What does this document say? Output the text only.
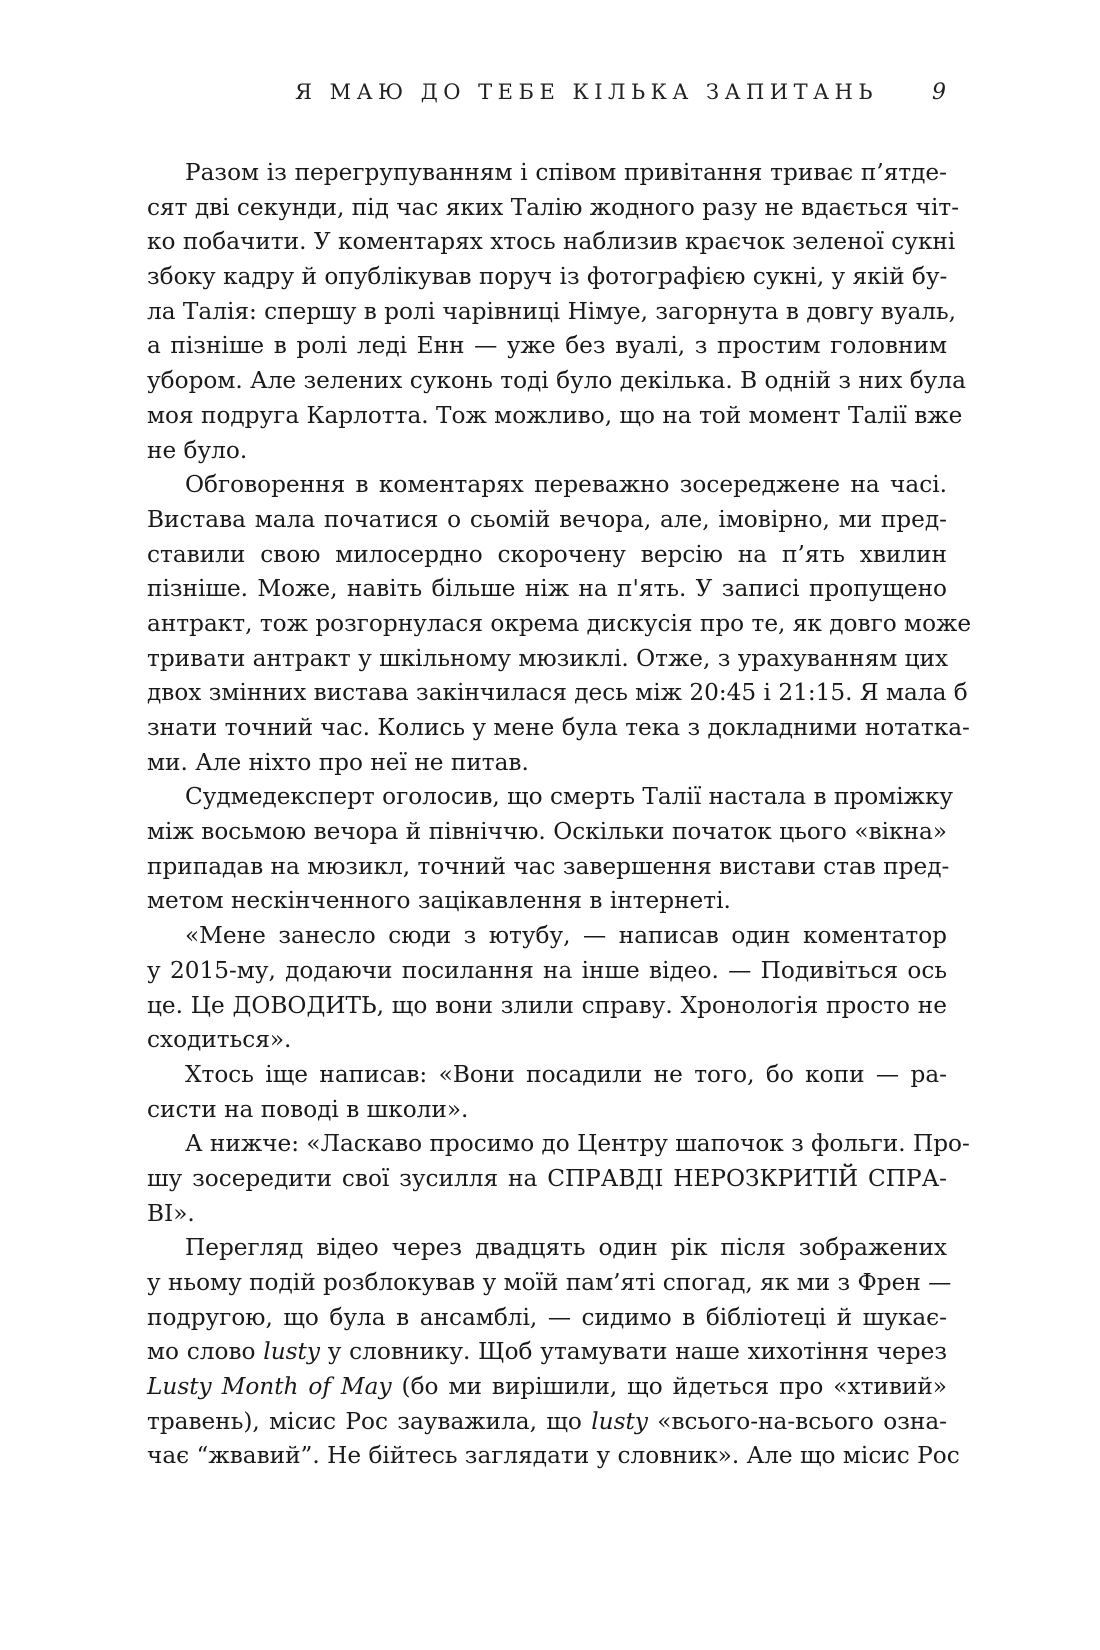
Я МАЮ ДО ТЕБЕ КІЛЬКА ЗАПИТАНЬ 9
Разом із перегрупуванням і співом привітання триває п’ятде-
сят дві секунди, під час яких Талію жодного разу не вдається чіт-
ко побачити. У коментарях хтось наблизив краєчок зеленої сукні
збоку кадру й опублікував поруч із фотографією сукні, у якій бу-
ла Талія: спершу в ролі чарівниці Німуе, загорнута в довгу вуаль,
а пізніше в ролі леді Енн — уже без вуалі, з простим головним
убором. Але зелених суконь тоді було декілька. В одній з них була
моя подруга Карлотта. Тож можливо, що на той момент Талії вже
не було.
Обговорення в коментарях переважно зосереджене на часі.
Вистава мала початися о сьомій вечора, але, імовірно, ми пред-
ставили свою милосердно скорочену версію на п’ять хвилин
пізніше. Може, навіть більше ніж на п'ять. У записі пропущено
антракт, тож розгорнулася окрема дискусія про те, як довго може
тривати антракт у шкільному мюзиклі. Отже, з урахуванням цих
двох змінних вистава закінчилася десь між 20:45 і 21:15. Я мала б
знати точний час. Колись у мене була тека з докладними нотатка-
ми. Але ніхто про неї не питав.
Судмедексперт оголосив, що смерть Талії настала в проміжку
між восьмою вечора й північчю. Оскільки початок цього «вікна»
припадав на мюзикл, точний час завершення вистави став пред-
метом нескінченного зацікавлення в інтернеті.
«Мене занесло сюди з ютубу, — написав один коментатор
у 2015-му, додаючи посилання на інше відео. — Подивіться ось
це. Це ДОВОДИТЬ, що вони злили справу. Хронологія просто не
сходиться».
Хтось іще написав: «Вони посадили не того, бо копи — ра-
систи на поводі в школи».
А нижче: «Ласкаво просимо до Центру шапочок з фольги. Про-
шу зосередити свої зусилля на СПРАВДІ НЕРОЗКРИТІЙ СПРА-
ВІ».
Перегляд відео через двадцять один рік після зображених
у ньому подій розблокував у моїй пам’яті спогад, як ми з Френ —
подругою, що була в ансамблі, — сидимо в бібліотеці й шукає-
мо слово lusty у словнику. Щоб утамувати наше хихотіння через
Lusty Month of May (бо ми вирішили, що йдеться про «хтивий»
травень), місис Рос зауважила, що lusty «всього-на-всього озна-
чає “жвавий”. Не бійтесь заглядати у словник». Але що місис Рос
